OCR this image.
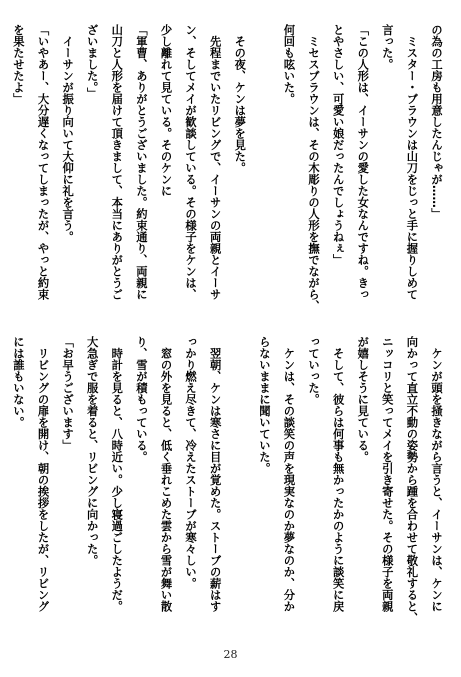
の為の工房も用意したんじゃが……」
　ミスター・ブラウンは山刀をじっと手に握りしめて
言った。
「この人形は、イーサンの愛した女なんですね。きっ
とやさしい、可愛い娘だったんでしょうねぇ」
　ミセスブラウンは、その木彫りの人形を撫でながら、
何回も呟いた。

　その夜、ケンは夢を見た。
　先程までいたリビングで、イーサンの両親とイーサ
ン、そしてメイが歓談している。その様子をケンは、
少し離れて見ている。そのケンに
「軍曹、ありがとうございました。約束通り、両親に
山刀と人形を届けて頂きまして、本当にありがとうご
ざいました。」
　イーサンが振り向いて大仰に礼を言う。
「いやあー、大分遅くなってしまったが、やっと約束
を果たせたよ」
　ケンが頭を掻きながら言うと、イーサンは、ケンに
向かって直立不動の姿勢から踵を合わせて敬礼すると、
ニッコリと笑ってメイを引き寄せた。その様子を両親
が嬉しそうに見ている。
　そして、彼らは何事も無かったかのように談笑に戻
っていった。
　ケンは、その談笑の声を現実なのか夢なのか、分か
らないままに聞いていた。

　翌朝、ケンは寒さに目が覚めた。ストーブの薪はす
っかり燃え尽きて、冷えたストーブが寒々しい。
　窓の外を見ると、低く垂れこめた雲から雪が舞い散
り、雪が積もっている。
　時計を見ると、八時近い。少し寝過ごしたようだ。
大急ぎで服を着ると、リビングに向かった。
「お早うございます」
　リビングの扉を開け、朝の挨拶をしたが、リビング
には誰もいない。
28
